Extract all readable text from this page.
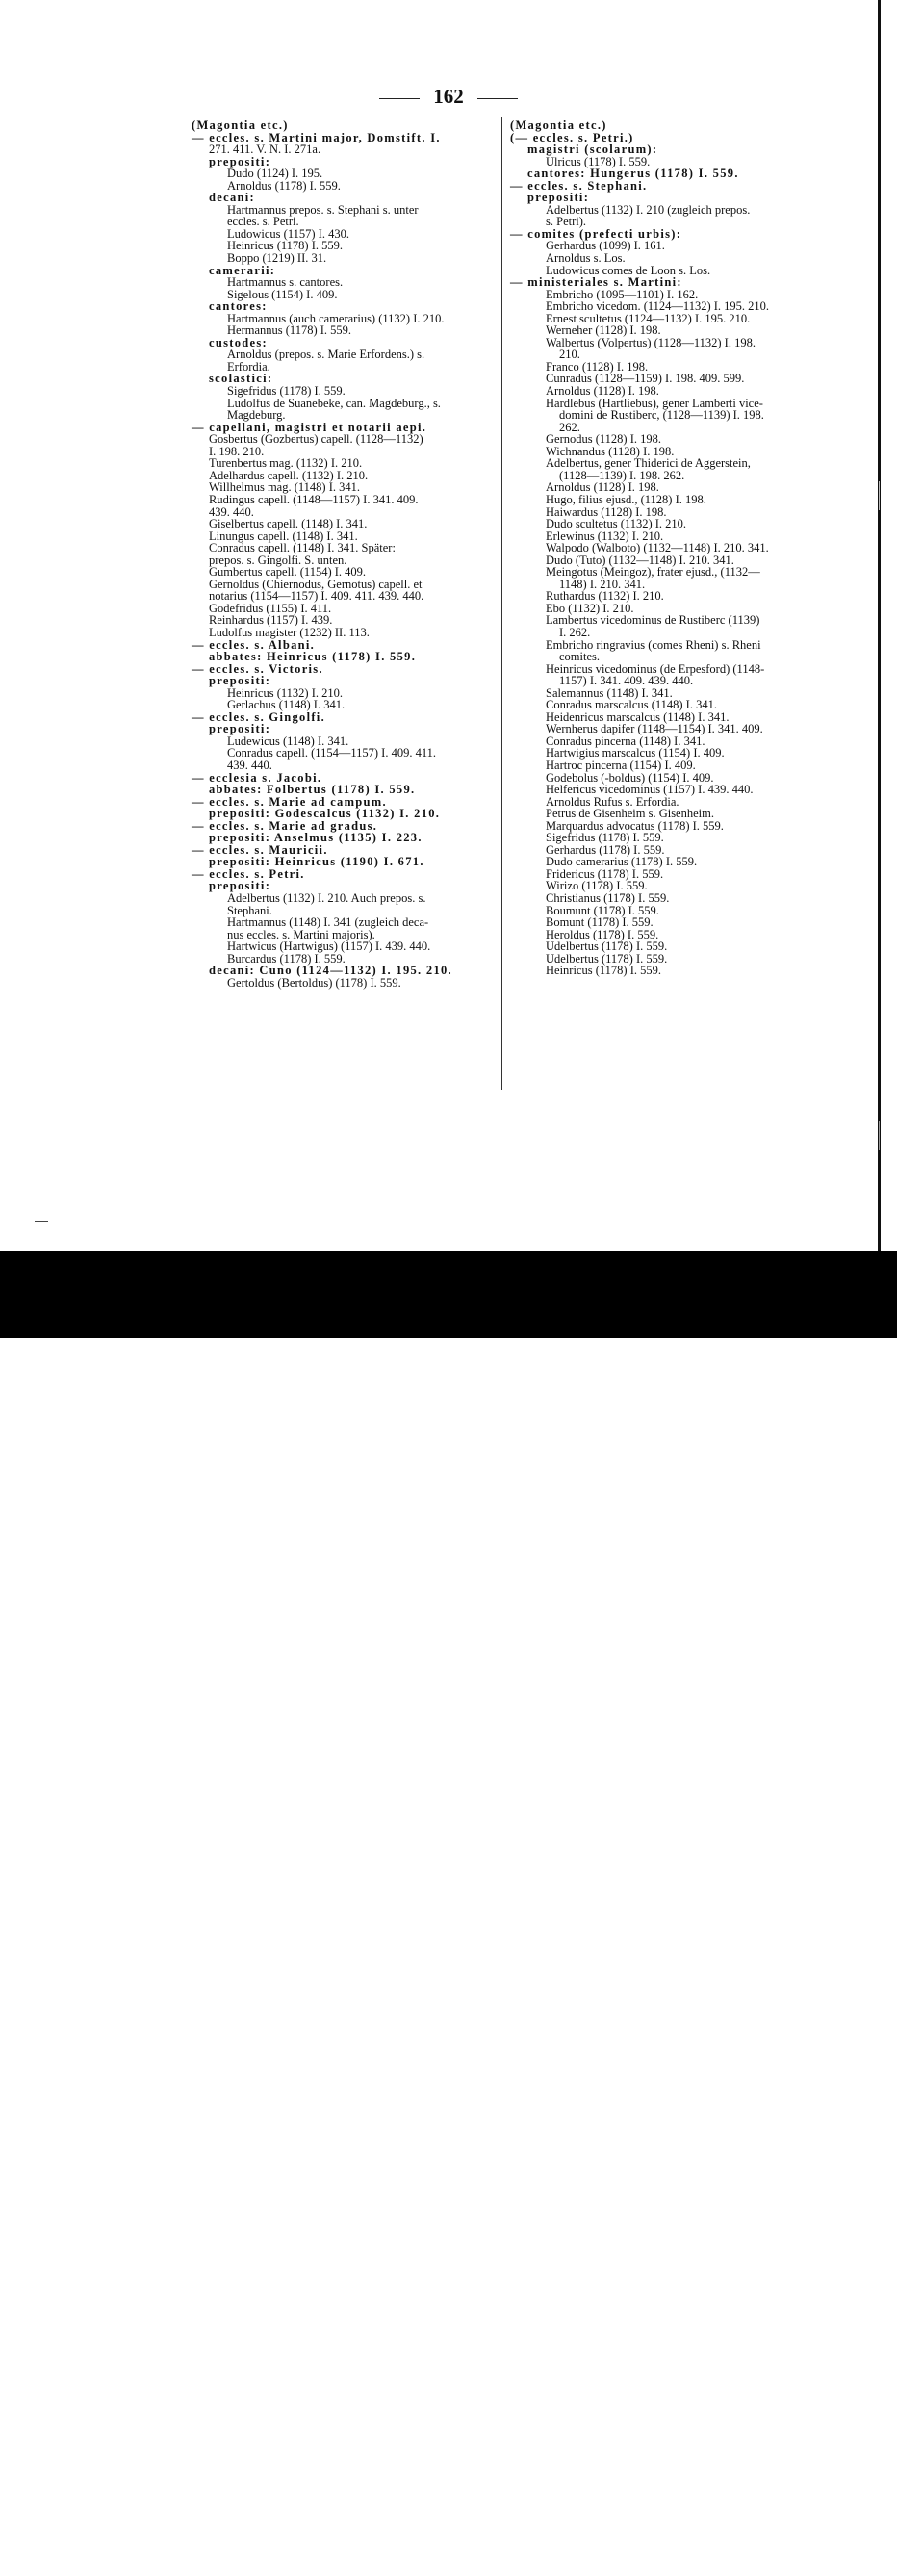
162
(Magontia etc.)
— eccles. s. Martini major, Domstift. I.
271. 411. V. N. I. 271a.
prepositi:
Dudo (1124) I. 195.
Arnoldus (1178) I. 559.
decani:
Hartmannus prepos. s. Stephani s. unter
eccles. s. Petri.
Ludowicus (1157) I. 430.
Heinricus (1178) I. 559.
Boppo (1219) II. 31.
camerarii:
Hartmannus s. cantores.
Sigelous (1154) I. 409.
cantores:
Hartmannus (auch camerarius) (1132) I. 210.
Hermannus (1178) I. 559.
custodes:
Arnoldus (prepos. s. Marie Erfordens.) s.
Erfordia.
scolastici:
Sigefridus (1178) I. 559.
Ludolfus de Suanebeke, can. Magdeburg., s.
Magdeburg.
— capellani, magistri et notarii aepi.
Gosbertus (Gozbertus) capell. (1128—1132)
I. 198. 210.
Turenbertus mag. (1132) I. 210.
Adelhardus capell. (1132) I. 210.
Willhelmus mag. (1148) I. 341.
Rudingus capell. (1148—1157) I. 341. 409.
439. 440.
Giselbertus capell. (1148) I. 341.
Linungus capell. (1148) I. 341.
Conradus capell. (1148) I. 341. Später:
prepos. s. Gingolfi. S. unten.
Gumbertus capell. (1154) I. 409.
Gernoldus (Chiernodus, Gernotus) capell. et
notarius (1154—1157) I. 409. 411. 439. 440.
Godefridus (1155) I. 411.
Reinhardus (1157) I. 439.
Ludolfus magister (1232) II. 113.
— eccles. s. Albani.
abbates: Heinricus (1178) I. 559.
— eccles. s. Victoris.
prepositi:
Heinricus (1132) I. 210.
Gerlachus (1148) I. 341.
— eccles. s. Gingolfi.
prepositi:
Ludewicus (1148) I. 341.
Conradus capell. (1154—1157) I. 409. 411.
439. 440.
— ecclesia s. Jacobi.
abbates: Folbertus (1178) I. 559.
— eccles. s. Marie ad campum.
prepositi: Godescalcus (1132) I. 210.
— eccles. s. Marie ad gradus.
prepositi: Anselmus (1135) I. 223.
— eccles. s. Mauricii.
prepositi: Heinricus (1190) I. 671.
— eccles. s. Petri.
prepositi:
Adelbertus (1132) I. 210. Auch prepos. s.
Stephani.
Hartmannus (1148) I. 341 (zugleich deca-
nus eccles. s. Martini majoris).
Hartwicus (Hartwigus) (1157) I. 439. 440.
Burcardus (1178) I. 559.
decani: Cuno (1124—1132) I. 195. 210.
Gertoldus (Bertoldus) (1178) I. 559.
(Magontia etc.)
(— eccles. s. Petri.)
magistri (scolarum):
Ulricus (1178) I. 559.
cantores: Hungerus (1178) I. 559.
— eccles. s. Stephani.
prepositi:
Adelbertus (1132) I. 210 (zugleich prepos.
s. Petri).
— comites (prefecti urbis):
Gerhardus (1099) I. 161.
Arnoldus s. Los.
Ludowicus comes de Loon s. Los.
— ministeriales s. Martini:
Embricho (1095—1101) I. 162.
Embricho vicedom. (1124—1132) I. 195. 210.
Ernest scultetus (1124—1132) I. 195. 210.
Werneher (1128) I. 198.
Walbertus (Volpertus) (1128—1132) I. 198.
210.
Franco (1128) I. 198.
Cunradus (1128—1159) I. 198. 409. 599.
Arnoldus (1128) I. 198.
Hardlebus (Hartliebus), gener Lamberti vice-
domini de Rustiberc, (1128—1139) I. 198.
262.
Gernodus (1128) I. 198.
Wichnandus (1128) I. 198.
Adelbertus, gener Thiderici de Aggerstein,
(1128—1139) I. 198. 262.
Arnoldus (1128) I. 198.
Hugo, filius ejusd., (1128) I. 198.
Haiwardus (1128) I. 198.
Dudo scultetus (1132) I. 210.
Erlewinus (1132) I. 210.
Walpodo (Walboto) (1132—1148) I. 210. 341.
Dudo (Tuto) (1132—1148) I. 210. 341.
Meingotus (Meingoz), frater ejusd., (1132—
1148) I. 210. 341.
Ruthardus (1132) I. 210.
Ebo (1132) I. 210.
Lambertus vicedominus de Rustiberc (1139)
I. 262.
Embricho ringravius (comes Rheni) s. Rheni
comites.
Heinricus vicedominus (de Erpesford) (1148-
1157) I. 341. 409. 439. 440.
Salemannus (1148) I. 341.
Conradus marscalcus (1148) I. 341.
Heidenricus marscalcus (1148) I. 341.
Wernherus dapifer (1148—1154) I. 341. 409.
Conradus pincerna (1148) I. 341.
Hartwigius marscalcus (1154) I. 409.
Hartroc pincerna (1154) I. 409.
Godebolus (-boldus) (1154) I. 409.
Helfericus vicedominus (1157) I. 439. 440.
Arnoldus Rufus s. Erfordia.
Petrus de Gisenheim s. Gisenheim.
Marquardus advocatus (1178) I. 559.
Sigefridus (1178) I. 559.
Gerhardus (1178) I. 559.
Dudo camerarius (1178) I. 559.
Fridericus (1178) I. 559.
Wirizo (1178) I. 559.
Christianus (1178) I. 559.
Boumunt (1178) I. 559.
Bomunt (1178) I. 559.
Heroldus (1178) I. 559.
Udelbertus (1178) I. 559.
Udelbertus (1178) I. 559.
Heinricus (1178) I. 559.
alamy	Image ID: W6AR7E
www.alamy.com
